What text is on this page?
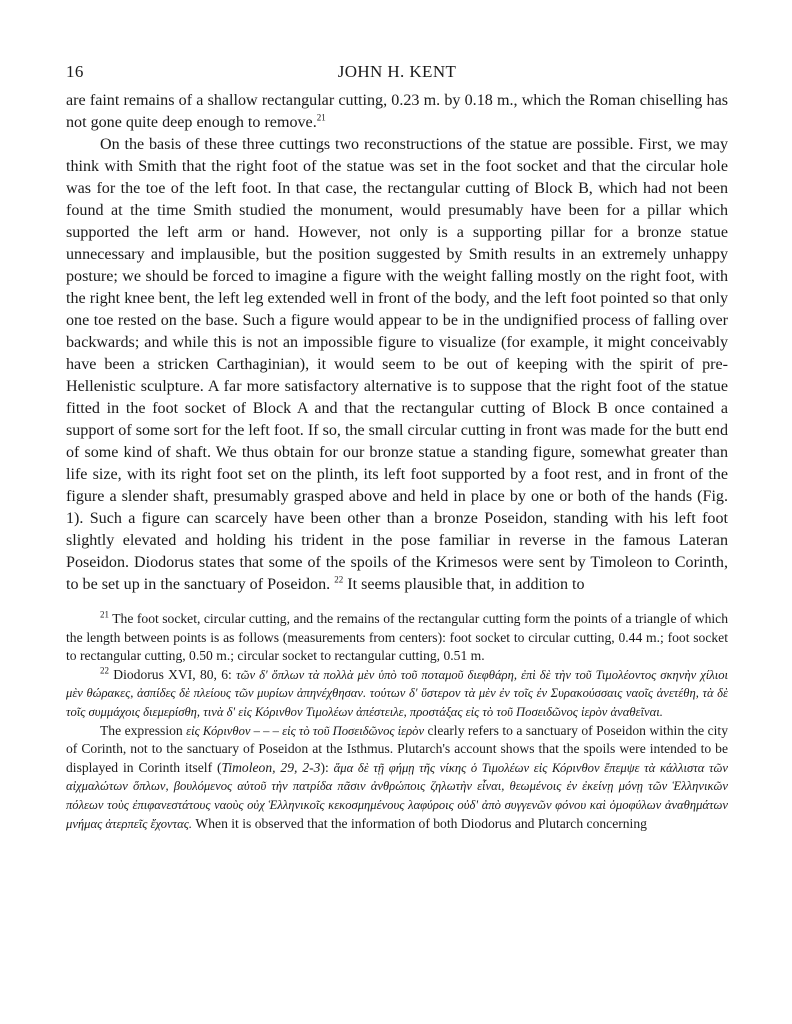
16	JOHN H. KENT

are faint remains of a shallow rectangular cutting, 0.23 m. by 0.18 m., which the Roman chiselling has not gone quite deep enough to remove.$^{21}$

On the basis of these three cuttings two reconstructions of the statue are possible. First, we may think with Smith that the right foot of the statue was set in the foot socket and that the circular hole was for the toe of the left foot. In that case, the rectangular cutting of Block B, which had not been found at the time Smith studied the monument, would presumably have been for a pillar which supported the left arm or hand. However, not only is a supporting pillar for a bronze statue unnecessary and implausible, but the position suggested by Smith results in an extremely unhappy posture; we should be forced to imagine a figure with the weight falling mostly on the right foot, with the right knee bent, the left leg extended well in front of the body, and the left foot pointed so that only one toe rested on the base. Such a figure would appear to be in the undignified process of falling over backwards; and while this is not an impossible figure to visualize (for example, it might conceivably have been a stricken Carthaginian), it would seem to be out of keeping with the spirit of pre-Hellenistic sculpture. A far more satisfactory alternative is to suppose that the right foot of the statue fitted in the foot socket of Block A and that the rectangular cutting of Block B once contained a support of some sort for the left foot. If so, the small circular cutting in front was made for the butt end of some kind of shaft. We thus obtain for our bronze statue a standing figure, somewhat greater than life size, with its right foot set on the plinth, its left foot supported by a foot rest, and in front of the figure a slender shaft, presumably grasped above and held in place by one or both of the hands (Fig. 1). Such a figure can scarcely have been other than a bronze Poseidon, standing with his left foot slightly elevated and holding his trident in the pose familiar in reverse in the famous Lateran Poseidon. Diodorus states that some of the spoils of the Krimesos were sent by Timoleon to Corinth, to be set up in the sanctuary of Poseidon. $^{22}$ It seems plausible that, in addition to

$^{21}$ The foot socket, circular cutting, and the remains of the rectangular cutting form the points of a triangle of which the length between points is as follows (measurements from centers): foot socket to circular cutting, 0.44 m.; foot socket to rectangular cutting, 0.50 m.; circular socket to rectangular cutting, 0.51 m.

$^{22}$ Diodorus XVI, 80, 6: τῶν δ' ὅπλων τὰ πολλὰ μὲν ὑπὸ τοῦ ποταμοῦ διεφθάρη, ἐπὶ δὲ τὴν τοῦ Τιμολέοντος σκηνὴν χίλιοι μὲν θώρακες, ἀσπίδες δὲ πλείους τῶν μυρίων ἀπηνέχθησαν. τούτων δ' ὕστερον τὰ μὲν ἐν τοῖς ἐν Συρακούσσαις ναοῖς ἀνετέθη, τὰ δὲ τοῖς συμμάχοις διεμερίσθη, τινὰ δ' εἰς Κόρινθον Τιμολέων ἀπέστειλε, προστάξας εἰς τὸ τοῦ Ποσειδῶνος ἱερὸν ἀναθεῖναι.

The expression εἰς Κόρινθον – – – εἰς τὸ τοῦ Ποσειδῶνος ἱερὸν clearly refers to a sanctuary of Poseidon within the city of Corinth, not to the sanctuary of Poseidon at the Isthmus. Plutarch's account shows that the spoils were intended to be displayed in Corinth itself (Timoleon, 29, 2-3): ἅμα δὲ τῇ φήμῃ τῆς νίκης ὁ Τιμολέων εἰς Κόρινθον ἔπεμψε τὰ κάλλιστα τῶν αἰχμαλώτων ὅπλων, βουλόμενος αὐτοῦ τὴν πατρίδα πᾶσιν ἀνθρώποις ζηλωτὴν εἶναι, θεωμένοις ἐν ἐκείνῃ μόνῃ τῶν Ἑλληνικῶν πόλεων τοὺς ἐπιφανεστάτους ναοὺς οὐχ Ἑλληνικοῖς κεκοσμημένους λαφύροις οὐδ' ἀπὸ συγγενῶν φόνου καὶ ὁμοφύλων ἀναθημάτων μνήμας ἀτερπεῖς ἔχοντας. When it is observed that the information of both Diodorus and Plutarch concerning
